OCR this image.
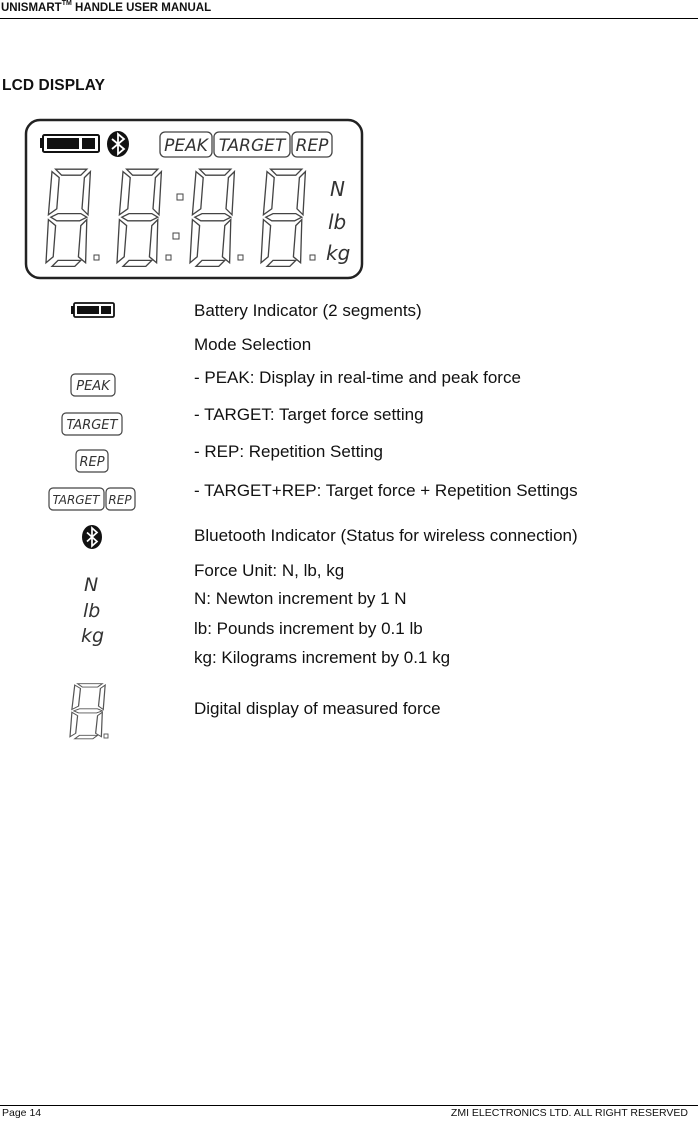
UNISMART™ HANDLE USER MANUAL
LCD DISPLAY
PEAK TARGET REP
N
lb
kg
Battery Indicator (2 segments)
Mode Selection
PEAK	- PEAK: Display in real-time and peak force
TARGET
- TARGET: Target force setting
REP
- REP: Repetition Setting
TARGET REP	- TARGET+REP: Target force + Repetition Settings
Bluetooth Indicator (Status for wireless connection)
N
lb
kg
Force Unit: N, lb, kg
N: Newton increment by 1 N
lb: Pounds increment by 0.1 lb
kg: Kilograms increment by 0.1 kg
Digital display of measured force
Page 14	ZMI ELECTRONICS LTD. ALL RIGHT RESERVED
